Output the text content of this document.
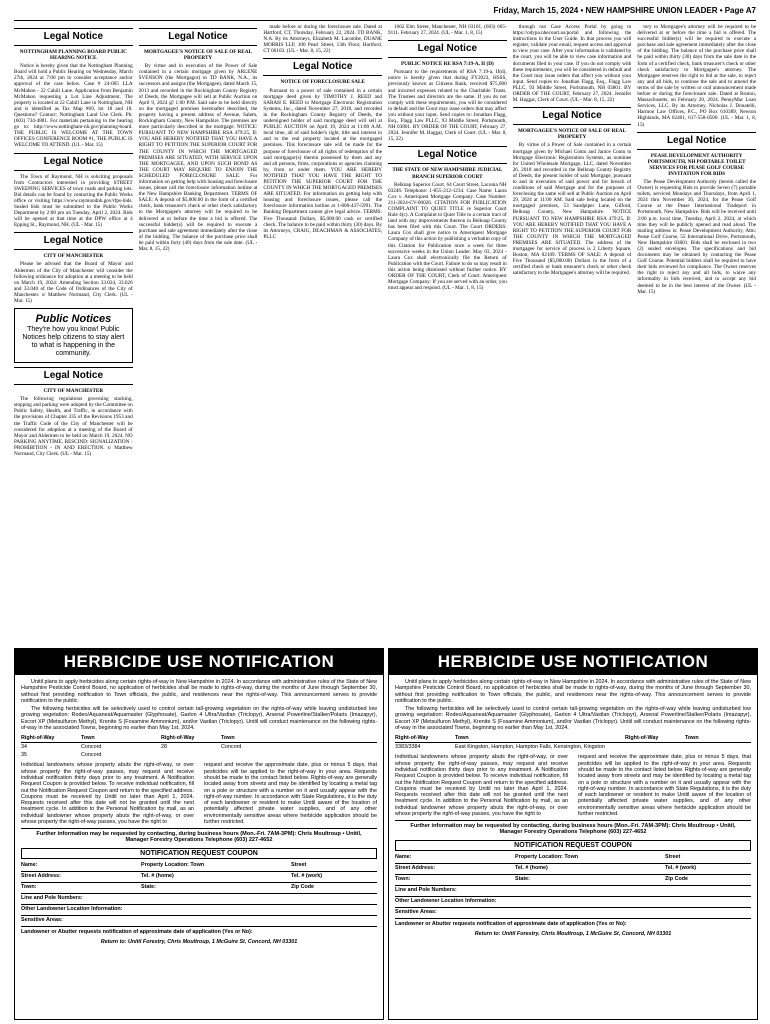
Friday, March 15, 2024 • NEW HAMPSHIRE UNION LEADER • Page A7
Legal Notice
NOTTINGHAM PLANNING BOARD PUBLIC HEARING NOTICE

Notice is hereby given that the Nottingham Planning Board will hold a Public Hearing on Wednesday, March 27th, 2024 at 7:00 pm to consider acceptance and/or approval of the case below. Case # 24-005 LLA McMahon - 22 Cahill Lane. Application from Benjamin McMahon requesting a Lot Line Adjustment. The property is located at 22 Cahill Lane in Nottingham, NH and is identified as Tax Map #69, lot 18 and 18. Questions? Contact: Nottingham Land Use Clerk. Ph: (603) 734-4881. For materials pertaining to the hearing go to: http://www.nottingham-nh.gov/planning-board. THE PUBLIC IS WELCOME AT THE TOWN OFFICES CONFERENCE ROOM #1, THE PUBLIC IS WELCOME TO ATTEND. (UL - Mar. 15)

Legal Notice

The Town of Raymond, NH is soliciting proposals from Contractors interested in providing STREET SWEEPING SERVICES of town roads and parking lots. Bid details can be found by contacting the Public Works office or visiting https://www.raymondnh.gov/rfps-bids. Sealed bids must be submitted to the Public Works Department by 2:00 pm on Tuesday, April 2, 2024. Bids will be opened at that time at the DPW office at 4 Epping St., Raymond, NH. (UL - Mar. 15)

Legal Notice
CITY OF MANCHESTER

Please be advised that the Board of Mayor and Aldermen of the City of Manchester will consider the following ordinance for adoption at a meeting to be held on March 19, 2024: Amending Section 33.024, 33.026 and 33.040 of the Code of Ordinances of the City of Manchester. s/ Matthew Normand, City Clerk. (UL - Mar. 15)

Public Notices
They're how you know! Public Notices help citizens to stay alert to what is happening in the community.
Legal Notice
CITY OF MANCHESTER

The following regulations governing stacking, stopping and parking were adopted by the Committee on Public Safety, Health, and Traffic, in accordance with the provisions of Chapter 335 of the Revisions 1953 and the Traffic Code of the City of Manchester will be considered for adoption at a meeting of the Board of Mayor and Aldermen to be held on March 19, 2024. NO PARKING ANYTIME. RESCIND: SIGNALIZATION - PROHIBITION - IN AND ERECTION. s/ Matthew Normand, City Clerk. (UL - Mar. 15)

Legal Notice
MORTGAGEE'S NOTICE OF SALE OF REAL PROPERTY

By virtue and in execution of the Power of Sale contained in a certain mortgage given by ARLENE SVENSON (the Mortgagor) to TD BANK, N.A., its successors and assigns (the Mortgagee), dated March 15, 2013 and recorded in the Rockingham County Registry of Deeds, the Mortgagee will sell at Public Auction on April 9, 2024 @ 1:00 P.M. Said sale to be held directly on the mortgaged premises hereinafter described, the property having a present address of Avenue, Salem, Rockingham County, New Hampshire. The premises are more particularly described in the mortgage. NOTICE: PURSUANT TO NEW HAMPSHIRE RSA 479:25, II: YOU ARE HEREBY NOTIFIED THAT YOU HAVE A RIGHT TO PETITION THE SUPERIOR COURT FOR THE COUNTY IN WHICH THE MORTGAGED PREMISES ARE SITUATED, WITH SERVICE UPON THE MORTGAGEE, AND UPON SUCH BOND AS THE COURT MAY REQUIRE TO ENJOIN THE SCHEDULED FORECLOSURE SALE. For information on getting help with housing and foreclosure issues, please call the foreclosure information hotline at the New Hampshire Banking Department. TERMS OF SALE: A deposit of $5,000.00 in the form of a certified check, bank treasurer's check or other check satisfactory to the Mortgagee's attorney will be required to be delivered at or before the time a bid is offered. The successful bidder(s) will be required to execute a purchase and sale agreement immediately after the close of the bidding. The balance of the purchase price shall be paid within forty (40) days from the sale date. (UL - Mar. 8, 15, 22)

made before or during the foreclosure sale. Dated at Hartford, CT, Thursday, February 22, 2024. TD BANK, N.A. By its Attorneys, Elizabeth M. Lacombe, DUANE MORRIS LLP, 100 Pearl Street, 13th Floor, Hartford, CT 06103. (UL - Mar. 8, 15, 22)

Legal Notice
NOTICE OF FORECLOSURE SALE

Pursuant to a power of sale contained in a certain mortgage deed given by TIMOTHY J. REED and SARAH E. REED to Mortgage Electronic Registration Systems, Inc., dated November 27, 2018, and recorded in the Rockingham County Registry of Deeds, the undersigned holder of said mortgage deed will sell at PUBLIC AUCTION on April 19, 2024 at 11:00 A.M. local time, all of said holder's right, title and interest in and to the real property located at the mortgaged premises. This foreclosure sale will be made for the purpose of foreclosure of all rights of redemption of the said mortgagor(s) therein possessed by them and any and all persons, firms, corporations or agencies claiming by, from or under them. YOU ARE HEREBY NOTIFIED THAT YOU HAVE THE RIGHT TO PETITION THE SUPERIOR COURT FOR THE COUNTY IN WHICH THE MORTGAGED PREMISES ARE SITUATED. For information on getting help with housing and foreclosure issues, please call the foreclosure information hotline at 1-800-437-5991. The Banking Department cannot give legal advice. TERMS: Five Thousand Dollars, $5,000.00 cash or certified check. The balance to be paid within thirty (30) days. By its Attorneys, CRAIG, DEACHMAN & ASSOCIATES, PLLC

1662 Elm Street, Manchester, NH 03101, (603) 665-9111. February 27, 2024. (UL - Mar. 1, 8, 15)

Legal Notice
PUBLIC NOTICE RE RSA 7:19-A, II (D)

Pursuant to the requirements of RSA 7:19-a, II(d), notice is hereby given that during FY2023, HSSS, previously known as Citizens Bank, received $75,000 and incurred expenses related to the Charitable Trusts. The Trustees and directors are the same. If you do not comply with these requirements, you will be considered in default and the Court may issue orders that may affect you without your input. Send copies to: Jonathan Flagg, Esq., Flagg Law PLLC, 93 Middle Street, Portsmouth, NH 03801. BY ORDER OF THE COURT, February 27, 2024. Jennifer M. Haggar, Clerk of Court. (UL - Mar. 8, 15, 22)

Legal Notice
THE STATE OF NEW HAMPSHIRE JUDICIAL BRANCH SUPERIOR COURT

Belknap Superior Court, 64 Court Street, Laconia NH 03246. Telephone: 1-855-212-1234. Case Name: Laura Cox v. Ameriquest Mortgage Company. Case Number: 211-2024-CV-00026. CITATION FOR PUBLICATION COMPLAINT TO QUIET TITLE re Superior Court Rule 4(c). A Complaint to Quiet Title to a certain tract of land with any improvements thereon in Belknap County has been filed with this Court. The Court ORDERS: Laura Cox shall give notice to Ameriquest Mortgage Company of this action by publishing a verbatim copy of this Citation for Publication once a week for three successive weeks in the Union Leader. May 03, 2024 - Laura Cox shall electronically file the Return of Publication with the Court. Failure to do so may result in this action being dismissed without further notice. BY ORDER OF THE COURT, Clerk of Court. Ameriquest Mortgage Company: If you are served with an order, you must appear and respond. (UL - Mar. 1, 8, 15)

through our Case Access Portal by going to https://odypa.nhecourt.us/portal and following the instructions in the User Guide. In that process you will register, validate your email, request access and approval to view your case. After your information is validated by the court, you will be able to view case information and documents filed in your case. If you do not comply with these requirements, you will be considered in default and the Court may issue orders that affect you without your input. Send copies to: Jonathan Flagg, Esq., Flagg Law PLLC, 93 Middle Street, Portsmouth, NH 03801. BY ORDER OF THE COURT, February 27, 2024. Jennifer M. Haggar, Clerk of Court. (UL - Mar. 8, 15, 22)

Legal Notice
MORTGAGEE'S NOTICE OF SALE OF REAL PROPERTY

By virtue of a Power of Sale contained in a certain mortgage given by Michael Coutu and Janice Coutu to Mortgage Electronic Registration Systems, as nominee for United Wholesale Mortgage, LLC, dated November 26, 2018 and recorded in the Belknap County Registry of Deeds, the present holder of said Mortgage, pursuant to and in execution of said power and for breach of conditions of said Mortgage and for the purposes of foreclosing the same will sell at Public Auction on April 29, 2024 at 11:00 AM. Said sale being located on the mortgaged premises, 53 Sandpiper Lane, Gilford, Belknap County, New Hampshire. NOTICE PURSUANT TO NEW HAMPSHIRE RSA 479:25, II: YOU ARE HEREBY NOTIFIED THAT YOU HAVE A RIGHT TO PETITION THE SUPERIOR COURT FOR THE COUNTY IN WHICH THE MORTGAGED PREMISES ARE SITUATED. The address of the mortgagee for service of process is 2 Liberty Square, Boston, MA 02109. TERMS OF SALE: A deposit of Five Thousand ($5,000.00) Dollars in the form of a certified check or bank treasurer's check or other check satisfactory to the Mortgagee's attorney will be required.

tory to Mortgagee's attorney will be required to be delivered at or before the time a bid is offered. The successful bidder(s) will be required to execute a purchase and sale agreement immediately after the close of the bidding. The balance of the purchase price shall be paid within thirty (30) days from the sale date in the form of a certified check, bank treasurer's check or other check satisfactory to Mortgagee's attorney. The Mortgagee reserves the right to bid at the sale, to reject any and all bids, to continue the sale and to amend the terms of the sale by written or oral announcement made before or during the foreclosure sale. Dated at Boston, Massachusetts, on February 20, 2024. PennyMac Loan Services, LLC, By its Attorney, Nicholas J. Donatelli, Harmon Law Offices, P.C., PO Box 610389, Newton Highlands, MA 02461, 617-558-0500. (UL - Mar. 1, 8, 15)

Legal Notice
PEASE DEVELOPMENT AUTHORITY PORTSMOUTH, NH PORTABLE TOILET SERVICES FOR PEASE GOLF COURSE INVITATION FOR BIDS

The Pease Development Authority (herein called the Owner) is requesting Bids to provide Seven (7) portable toilets, serviced Mondays and Thursdays, from April 1, 2024 thru November 30, 2024, for the Pease Golf Course at the Pease International Tradeport in Portsmouth, New Hampshire. Bids will be received until 2:00 p.m. local time, Tuesday, April 2, 2024, at which time they will be publicly opened and read aloud. The mailing address is: Pease Development Authority, Attn: Pease Golf Course, 55 International Drive, Portsmouth, New Hampshire 03801. Bids shall be enclosed in two (2) sealed envelopes. The specifications and bid documents may be obtained by contacting the Pease Golf Course. Potential bidders shall be required to have their bids reviewed for compliance. The Owner reserves the right to reject any and all bids, to waive any informality in bids received, and to accept any bid deemed to be in the best interest of the Owner. (UL - Mar. 15)

HERBICIDE USE NOTIFICATION

Unitil plans to apply herbicides along certain rights-of-way in New Hampshire in 2024. In accordance with administrative rules of the State of New Hampshire Pesticide Control Board, no application of herbicides shall be made to rights-of-way, during the months of June through September 30, without first providing notification to Town officials, the public, and residences near the rights-of-way. This announcement serves to provide notification to the public.

The following herbicides will be selectively used to control certain tall-growing vegetation on the rights-of-way while leaving undisturbed low growing vegetation: Rodeo/Aquaneat/Aquamaster (Glyphosate), Garlon 4 Ultra/Vastlan (Triclopyr), Arsenal Powerline/Stalker/Polaris (Imazapyr), Escort XP (Metsulfuron Methyl), Krenite S (Fosamine Ammonium), and/or Vastlan (Triclopyr). Unitil will conduct maintenance on the following rights-of-way in the associated Towns, beginning no earlier than May 1st, 2024.

Right-of-Way	Town	Right-of-Way	Town
34	Concord	28	Concord
35	Concord
Individual landowners whose property abuts the right-of-way, or over whose property the right-of-way passes, may request and receive individual notification thirty days prior to any treatment. A Notification Request Coupon is provided below. To receive individual notification, fill out the Notification Request Coupon and return to the specified address. Coupons must be received by Unitil no later than April 1, 2024. Requests received after this date will not be granted until the next treatment cycle. In addition to the Personal Notification by mail, as an individual landowner whose property abuts the right-of-way, or over whose property the right-of-way passes, you have the right to
request and receive the approximate date, plus or minus 5 days, that pesticides will be applied to the right-of-way in your area. Requests should be made to the contact listed below. Rights-of-way are generally located away from streets and may be identified by locating a metal tag on a pole or structure with a number on it and usually appear with the right-of-way number. In accordance with State Regulations, it is the duty of each landowner or resident to make Unitil aware of the location of potentially affected private water supplies, and of any other environmentally sensitive areas where herbicide application should be further restricted.
Further information may be requested by contacting, during business hours (Mon.-Fri. 7AM-3PM): Chris Moultroup • Unitil, Manager Forestry Operations Telephone (603) 227-4652
NOTIFICATION REQUEST COUPON
Name:	Property Location: Town	Street
Street Address:	Tel. # (home)	Tel. # (work)
Town:	State:	Zip Code
Line and Pole Numbers:
Other Landowner Location Information:
Sensitive Areas:
Landowner or Abutter requests notification of approximate date of application (Yes or No):
Return to: Unitil Forestry, Chris Moultroup, 1 McGuire St, Concord, NH 03301
HERBICIDE USE NOTIFICATION

Unitil plans to apply herbicides along certain rights-of-way in New Hampshire in 2024. In accordance with administrative rules of the State of New Hampshire Pesticide Control Board, no application of herbicides shall be made to rights-of-way, during the months of June through September 30, without first providing notification to Town officials, the public, and residences near the rights-of-way. This announcement serves to provide notification to the public.

The following herbicides will be selectively used to control certain tall-growing vegetation on the rights-of-way while leaving undisturbed low growing vegetation: Rodeo/Aquaneat/Aquamaster (Glyphosate), Garlon 4 Ultra/Vastlan (Triclopyr), Arsenal Powerline/Stalker/Polaris (Imazapyr), Escort XP (Metsulfuron Methyl), Krenite S (Fosamine Ammonium), and/or Vastlan (Triclopyr). Unitil will conduct maintenance on the following rights-of-way in the associated Towns, beginning no earlier than May 1st, 2024.

Right-of-Way	Town	Right-of-Way	Town
3383/3384	East Kingston, Hampton, Hampton Falls, Kensington, Kingston
Individual landowners whose property abuts the right-of-way, or over whose property the right-of-way passes, may request and receive individual notification thirty days prior to any treatment. A Notification Request Coupon is provided below. To receive individual notification, fill out the Notification Request Coupon and return to the specified address. Coupons must be received by Unitil no later than April 1, 2024. Requests received after this date will not be granted until the next treatment cycle. In addition to the Personal Notification by mail, as an individual landowner whose property abuts the right-of-way, or over whose property the right-of-way passes, you have the right to
request and receive the approximate date, plus or minus 5 days, that pesticides will be applied to the right-of-way in your area. Requests should be made to the contact listed below. Rights-of-way are generally located away from streets and may be identified by locating a metal tag on a pole or structure with a number on it and usually appear with the right-of-way number. In accordance with State Regulations, it is the duty of each landowner or resident to make Unitil aware of the location of potentially affected private water supplies, and of any other environmentally sensitive areas where herbicide application should be further restricted.
Further information may be requested by contacting, during business hours (Mon.-Fri. 7AM-3PM): Chris Moultroup • Unitil, Manager Forestry Operations Telephone (603) 227-4652
NOTIFICATION REQUEST COUPON
Name:	Property Location: Town	Street
Street Address:	Tel. # (home)	Tel. # (work)
Town:	State:	Zip Code
Line and Pole Numbers:
Other Landowner Location Information:
Sensitive Areas:
Landowner or Abutter requests notification of approximate date of application (Yes or No):
Return to: Unitil Forestry, Chris Moultroup, 1 McGuire St, Concord, NH 03301
